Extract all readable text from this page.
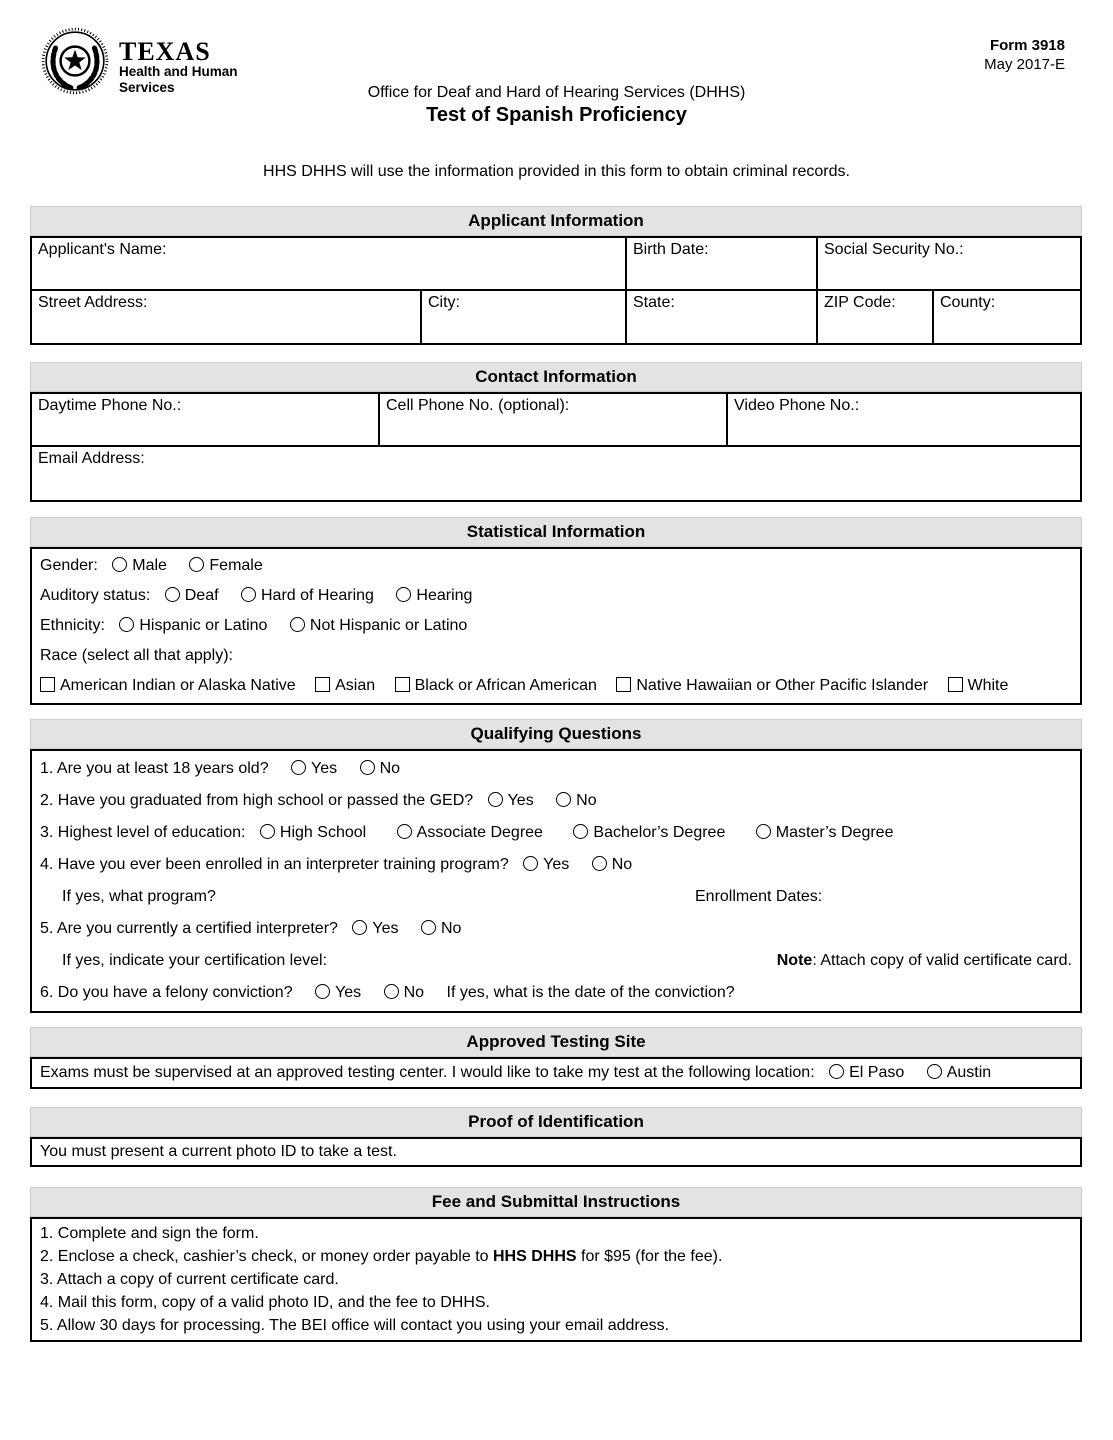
TEXAS
Health and Human
Services
Form 3918
May 2017-E
Office for Deaf and Hard of Hearing Services (DHHS)
Test of Spanish Proficiency
HHS DHHS will use the information provided in this form to obtain criminal records.
Applicant Information
Applicant's Name:	Birth Date:	Social Security No.:
Street Address:	City:	State:	ZIP Code:	County:
Contact Information
Daytime Phone No.:	Cell Phone No. (optional):	Video Phone No.:
Email Address:
Statistical Information
Gender: Male	Female
Auditory status: Deaf	Hard of Hearing	Hearing
Ethnicity: Hispanic or Latino	Not Hispanic or Latino
Race (select all that apply):
American Indian or Alaska Native Asian Black or African American Native Hawaiian or Other Pacific Islander White
Qualifying Questions
1. Are you at least 18 years old?	Yes	No
2. Have you graduated from high school or passed the GED? Yes	No
3. Highest level of education: High School	Associate Degree	Bachelor’s Degree	Master’s Degree
4. Have you ever been enrolled in an interpreter training program? Yes	No
If yes, what program?	Enrollment Dates:
5. Are you currently a certified interpreter? Yes	No
If yes, indicate your certification level:	Note: Attach copy of valid certificate card.
6. Do you have a felony conviction?	Yes	No If yes, what is the date of the conviction?
Approved Testing Site
Exams must be supervised at an approved testing center. I would like to take my test at the following location: El Paso	Austin
Proof of Identification
You must present a current photo ID to take a test.
Fee and Submittal Instructions
1. Complete and sign the form.
2. Enclose a check, cashier’s check, or money order payable to HHS DHHS for $95 (for the fee).
3. Attach a copy of current certificate card.
4. Mail this form, copy of a valid photo ID, and the fee to DHHS.
5. Allow 30 days for processing. The BEI office will contact you using your email address.
